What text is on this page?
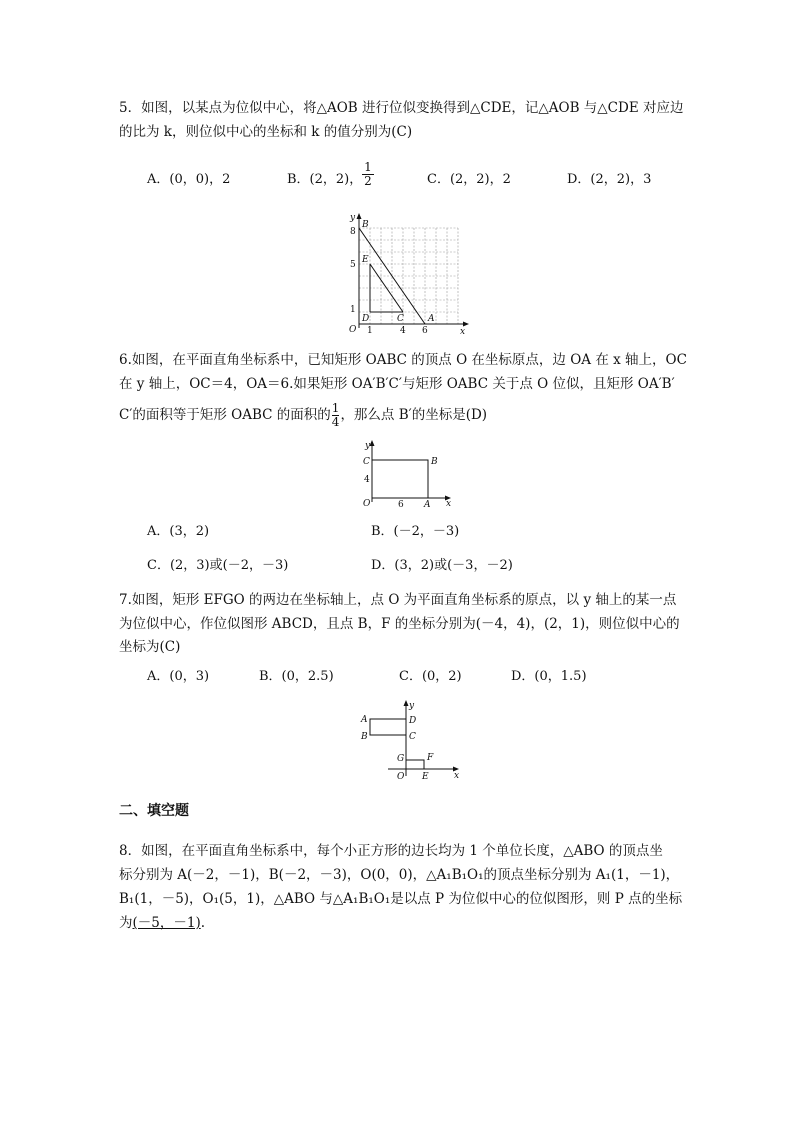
5．如图，以某点为位似中心，将△AOB 进行位似变换得到△CDE，记△AOB 与△CDE 对应边
的比为 k，则位似中心的坐标和 k 的值分别为(C)
A．(0，0)，2	B．(2，2)， $\frac{1}{2}$	C．(2，2)，2	D．(2，2)，3
y
B
8
E
5
1
D	C	A
O 1	4 6	x
6.如图，在平面直角坐标系中，已知矩形 OABC 的顶点 O 在坐标原点，边 OA 在 x 轴上，OC
在 y 轴上，OC＝4，OA＝6.如果矩形 OA′B′C′与矩形 OABC 关于点 O 位似，且矩形 OA′B′
C′的面积等于矩形 OABC 的面积的 $\frac{1}{4}$ ，那么点 B′的坐标是(D)
y
C	B
4
O	6 A x
A．(3，2)	B．(－2，－3)
C．(2，3)或(－2，－3)	D．(3，2)或(－3，－2)
7.如图，矩形 EFGO 的两边在坐标轴上，点 O 为平面直角坐标系的原点，以 y 轴上的某一点
为位似中心，作位似图形 ABCD，且点 B，F 的坐标分别为(－4，4)，(2，1)，则位似中心的
坐标为(C)
A．(0，3)	B．(0，2.5)	C．(0，2)	D．(0，1.5)
y
A	D
B	C
G	F
O E	x
二、填空题
8．如图，在平面直角坐标系中，每个小正方形的边长均为 1 个单位长度，△ABO 的顶点坐
标分别为 A(－2，－1)，B(－2，－3)，O(0，0)，△A₁B₁O₁的顶点坐标分别为 A₁(1，－1)，
B₁(1，－5)，O₁(5，1)，△ABO 与△A₁B₁O₁是以点 P 为位似中心的位似图形，则 P 点的坐标
为(－5，－1).
